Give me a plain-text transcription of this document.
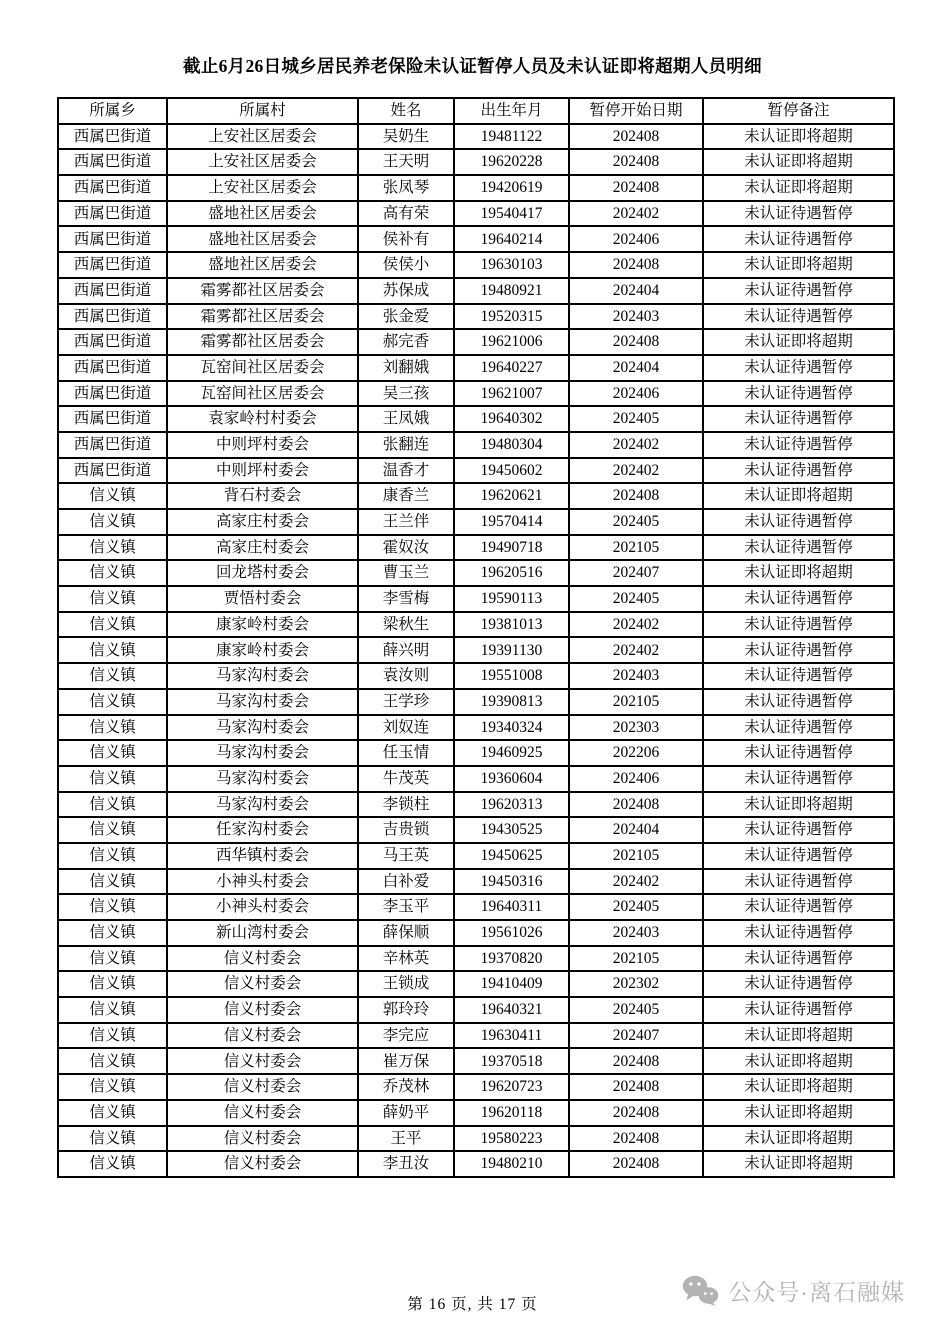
截止6月26日城乡居民养老保险未认证暂停人员及未认证即将超期人员明细
所属乡	所属村	姓名	出生年月	暂停开始日期	暂停备注
西属巴街道	上安社区居委会	吴奶生	19481122	202408	未认证即将超期
西属巴街道	上安社区居委会	王天明	19620228	202408	未认证即将超期
西属巴街道	上安社区居委会	张凤琴	19420619	202408	未认证即将超期
西属巴街道	盛地社区居委会	高有荣	19540417	202402	未认证待遇暂停
西属巴街道	盛地社区居委会	侯补有	19640214	202406	未认证待遇暂停
西属巴街道	盛地社区居委会	侯侯小	19630103	202408	未认证即将超期
西属巴街道	霜雾都社区居委会	苏保成	19480921	202404	未认证待遇暂停
西属巴街道	霜雾都社区居委会	张金爱	19520315	202403	未认证待遇暂停
西属巴街道	霜雾都社区居委会	郝完香	19621006	202408	未认证即将超期
西属巴街道	瓦窑间社区居委会	刘翻娥	19640227	202404	未认证待遇暂停
西属巴街道	瓦窑间社区居委会	吴三孩	19621007	202406	未认证待遇暂停
西属巴街道	袁家岭村村委会	王凤娥	19640302	202405	未认证待遇暂停
西属巴街道	中则坪村委会	张翻连	19480304	202402	未认证待遇暂停
西属巴街道	中则坪村委会	温香才	19450602	202402	未认证待遇暂停
信义镇	背石村委会	康香兰	19620621	202408	未认证即将超期
信义镇	高家庄村委会	王兰伴	19570414	202405	未认证待遇暂停
信义镇	高家庄村委会	霍奴汝	19490718	202105	未认证待遇暂停
信义镇	回龙塔村委会	曹玉兰	19620516	202407	未认证即将超期
信义镇	贾悟村委会	李雪梅	19590113	202405	未认证待遇暂停
信义镇	康家岭村委会	梁秋生	19381013	202402	未认证待遇暂停
信义镇	康家岭村委会	薛兴明	19391130	202402	未认证待遇暂停
信义镇	马家沟村委会	袁汝则	19551008	202403	未认证待遇暂停
信义镇	马家沟村委会	王学珍	19390813	202105	未认证待遇暂停
信义镇	马家沟村委会	刘奴连	19340324	202303	未认证待遇暂停
信义镇	马家沟村委会	任玉情	19460925	202206	未认证待遇暂停
信义镇	马家沟村委会	牛茂英	19360604	202406	未认证待遇暂停
信义镇	马家沟村委会	李锁柱	19620313	202408	未认证即将超期
信义镇	任家沟村委会	吉贵锁	19430525	202404	未认证待遇暂停
信义镇	西华镇村委会	马王英	19450625	202105	未认证待遇暂停
信义镇	小神头村委会	白补爱	19450316	202402	未认证待遇暂停
信义镇	小神头村委会	李玉平	19640311	202405	未认证待遇暂停
信义镇	新山湾村委会	薛保顺	19561026	202403	未认证待遇暂停
信义镇	信义村委会	辛林英	19370820	202105	未认证待遇暂停
信义镇	信义村委会	王锁成	19410409	202302	未认证待遇暂停
信义镇	信义村委会	郭玲玲	19640321	202405	未认证待遇暂停
信义镇	信义村委会	李完应	19630411	202407	未认证即将超期
信义镇	信义村委会	崔万保	19370518	202408	未认证即将超期
信义镇	信义村委会	乔茂林	19620723	202408	未认证即将超期
信义镇	信义村委会	薛奶平	19620118	202408	未认证即将超期
信义镇	信义村委会	王平	19580223	202408	未认证即将超期
信义镇	信义村委会	李丑汝	19480210	202408	未认证即将超期
第 16 页, 共 17 页	公众号·离石融媒
